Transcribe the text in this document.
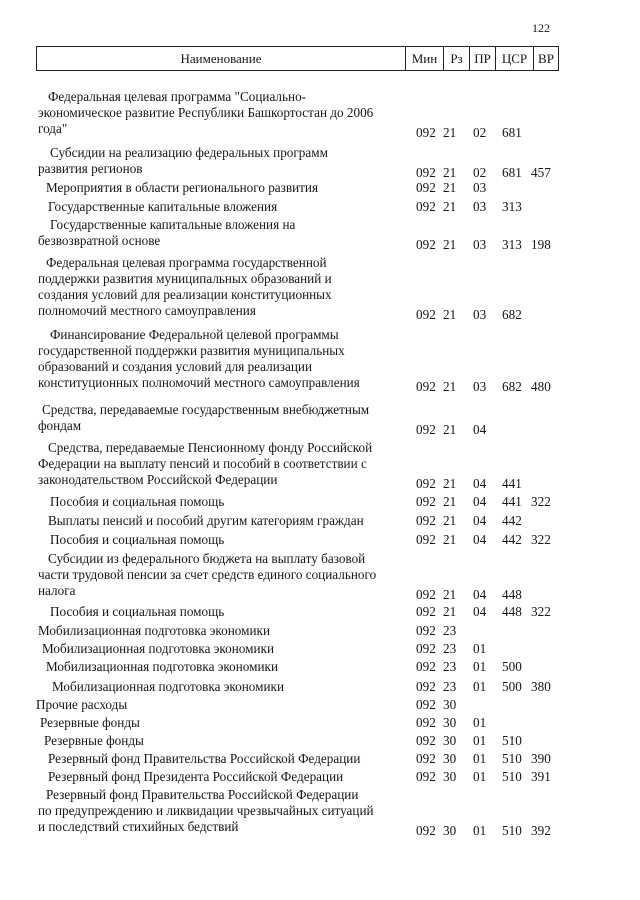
122
Наименование	Мин	Рз ПР ЦСР ВР
Федеральная целевая программа "Социально-
экономическое развитие Республики Башкортостан до 2006
года"	092 21 02 681
Субсидии на реализацию федеральных программ
развития регионов	092 21 02 681 457
Мероприятия в области регионального развития	092 21 03
Государственные капитальные вложения	092 21 03 313
Государственные капитальные вложения на
безвозвратной основе	092 21 03 313 198
Федеральная целевая программа государственной
поддержки развития муниципальных образований и
создания условий для реализации конституционных
полномочий местного самоуправления	092 21 03 682
Финансирование Федеральной целевой программы
государственной поддержки развития муниципальных
образований и создания условий для реализации
конституционных полномочий местного самоуправления	092 21 03 682 480
Средства, передаваемые государственным внебюджетным
фондам	092 21 04
Средства, передаваемые Пенсионному фонду Российской
Федерации на выплату пенсий и пособий в соответствии с
законодательством Российской Федерации	092 21 04 441
Пособия и социальная помощь	092 21 04 441 322
Выплаты пенсий и пособий другим категориям граждан	092 21 04 442
Пособия и социальная помощь	092 21 04 442 322
Субсидии из федерального бюджета на выплату базовой
части трудовой пенсии за счет средств единого социального
налога	092 21 04 448
Пособия и социальная помощь	092 21 04 448 322
Мобилизационная подготовка экономики	092 23
Мобилизационная подготовка экономики	092 23 01
Мобилизационная подготовка экономики	092 23 01 500
Мобилизационная подготовка экономики	092 23 01 500 380
Прочие расходы	092 30
Резервные фонды	092 30 01
Резервные фонды	092 30 01 510
Резервный фонд Правительства Российской Федерации	092 30 01 510 390
Резервный фонд Президента Российской Федерации	092 30 01 510 391
Резервный фонд Правительства Российской Федерации
по предупреждению и ликвидации чрезвычайных ситуаций
и последствий стихийных бедствий	092 30 01 510 392
